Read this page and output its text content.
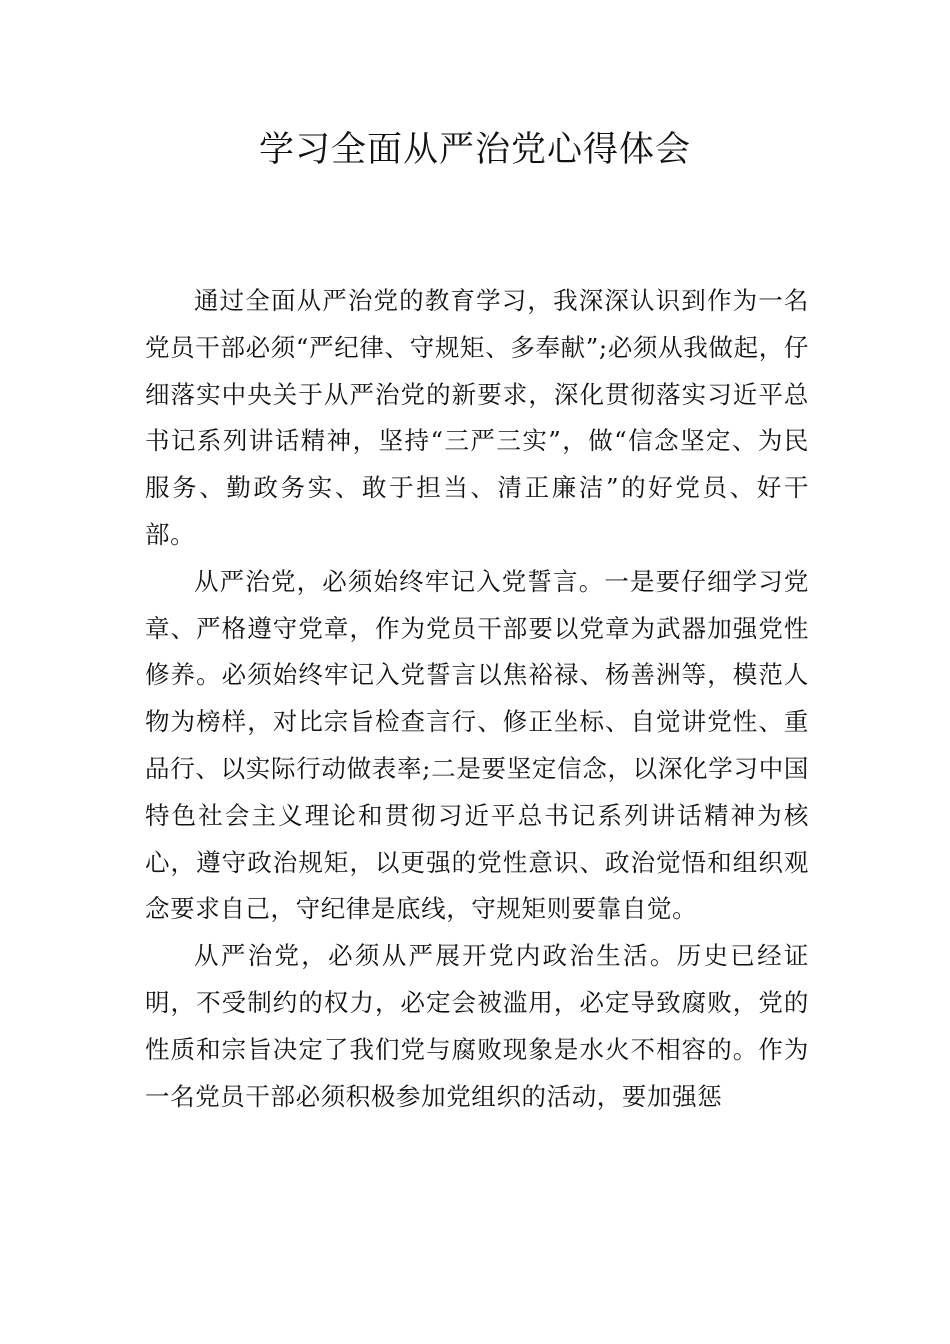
学习全面从严治党心得体会

通过全面从严治党的教育学习，我深深认识到作为一名党员干部必须“严纪律、守规矩、多奉献”;必须从我做起，仔细落实中央关于从严治党的新要求，深化贯彻落实习近平总书记系列讲话精神，坚持“三严三实”，做“信念坚定、为民服务、勤政务实、敢于担当、清正廉洁”的好党员、好干部。

从严治党，必须始终牢记入党誓言。一是要仔细学习党章、严格遵守党章，作为党员干部要以党章为武器加强党性修养。必须始终牢记入党誓言以焦裕禄、杨善洲等，模范人物为榜样，对比宗旨检查言行、修正坐标、自觉讲党性、重品行、以实际行动做表率;二是要坚定信念，以深化学习中国特色社会主义理论和贯彻习近平总书记系列讲话精神为核心，遵守政治规矩，以更强的党性意识、政治觉悟和组织观念要求自己，守纪律是底线，守规矩则要靠自觉。

从严治党，必须从严展开党内政治生活。历史已经证明，不受制约的权力，必定会被滥用，必定导致腐败，党的性质和宗旨决定了我们党与腐败现象是水火不相容的。作为一名党员干部必须积极参加党组织的活动，要加强惩
